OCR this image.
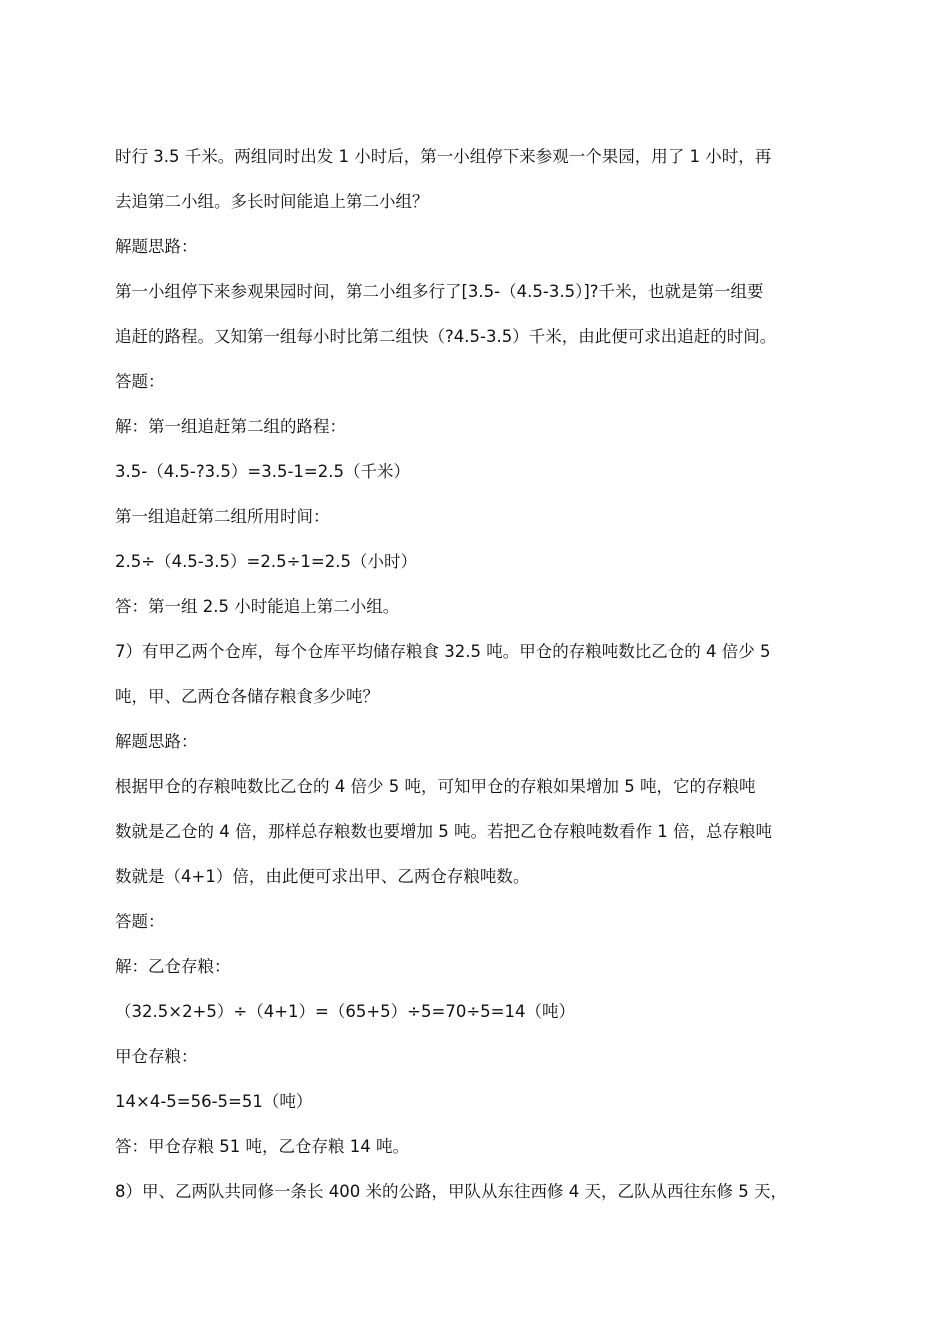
时行 3.5 千米。两组同时出发 1 小时后，第一小组停下来参观一个果园，用了 1 小时，再
去追第二小组。多长时间能追上第二小组？
解题思路：
第一小组停下来参观果园时间，第二小组多行了[3.5-（4.5-3.5）]?千米，也就是第一组要
追赶的路程。又知第一组每小时比第二组快（?4.5-3.5）千米，由此便可求出追赶的时间。
答题：
解：第一组追赶第二组的路程：
3.5-（4.5-?3.5）=3.5-1=2.5（千米）
第一组追赶第二组所用时间：
2.5÷（4.5-3.5）=2.5÷1=2.5（小时）
答：第一组 2.5 小时能追上第二小组。
7）有甲乙两个仓库，每个仓库平均储存粮食 32.5 吨。甲仓的存粮吨数比乙仓的 4 倍少 5
吨，甲、乙两仓各储存粮食多少吨？
解题思路：
根据甲仓的存粮吨数比乙仓的 4 倍少 5 吨，可知甲仓的存粮如果增加 5 吨，它的存粮吨
数就是乙仓的 4 倍，那样总存粮数也要增加 5 吨。若把乙仓存粮吨数看作 1 倍，总存粮吨
数就是（4+1）倍，由此便可求出甲、乙两仓存粮吨数。
答题：
解：乙仓存粮：
（32.5×2+5）÷（4+1）=（65+5）÷5=70÷5=14（吨）
甲仓存粮：
14×4-5=56-5=51（吨）
答：甲仓存粮 51 吨，乙仓存粮 14 吨。
8）甲、乙两队共同修一条长 400 米的公路，甲队从东往西修 4 天，乙队从西往东修 5 天，
